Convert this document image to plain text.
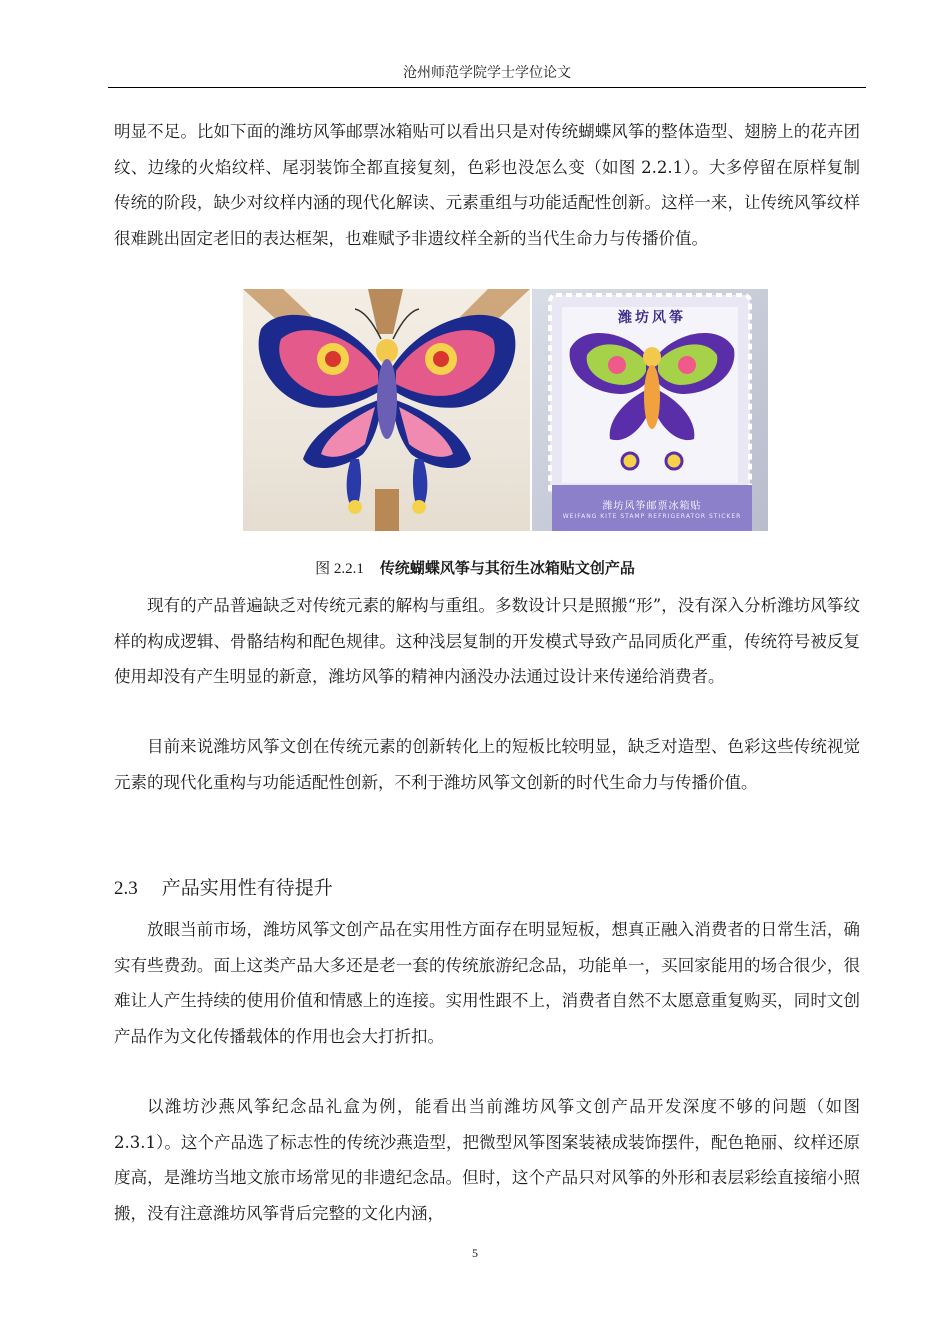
沧州师范学院学士学位论文
明显不足。比如下面的潍坊风筝邮票冰箱贴可以看出只是对传统蝴蝶风筝的整体造型、翅膀上的花卉团纹、边缘的火焰纹样、尾羽装饰全都直接复刻，色彩也没怎么变（如图 2.2.1）。大多停留在原样复制传统的阶段，缺少对纹样内涵的现代化解读、元素重组与功能适配性创新。这样一来，让传统风筝纹样很难跳出固定老旧的表达框架，也难赋予非遗纹样全新的当代生命力与传播价值。
潍坊风筝
潍坊风筝邮票冰箱贴
WEIFANG KITE STAMP REFRIGERATOR STICKER
图 2.2.1 传统蝴蝶风筝与其衍生冰箱贴文创产品
现有的产品普遍缺乏对传统元素的解构与重组。多数设计只是照搬“形”，没有深入分析潍坊风筝纹样的构成逻辑、骨骼结构和配色规律。这种浅层复制的开发模式导致产品同质化严重，传统符号被反复使用却没有产生明显的新意，潍坊风筝的精神内涵没办法通过设计来传递给消费者。
目前来说潍坊风筝文创在传统元素的创新转化上的短板比较明显，缺乏对造型、色彩这些传统视觉元素的现代化重构与功能适配性创新，不利于潍坊风筝文创新的时代生命力与传播价值。
2.3 产品实用性有待提升
放眼当前市场，潍坊风筝文创产品在实用性方面存在明显短板，想真正融入消费者的日常生活，确实有些费劲。面上这类产品大多还是老一套的传统旅游纪念品，功能单一，买回家能用的场合很少，很难让人产生持续的使用价值和情感上的连接。实用性跟不上，消费者自然不太愿意重复购买，同时文创产品作为文化传播载体的作用也会大打折扣。
以潍坊沙燕风筝纪念品礼盒为例，能看出当前潍坊风筝文创产品开发深度不够的问题（如图 2.3.1）。这个产品选了标志性的传统沙燕造型，把微型风筝图案装裱成装饰摆件，配色艳丽、纹样还原度高，是潍坊当地文旅市场常见的非遗纪念品。但时，这个产品只对风筝的外形和表层彩绘直接缩小照搬，没有注意潍坊风筝背后完整的文化内涵，
5
